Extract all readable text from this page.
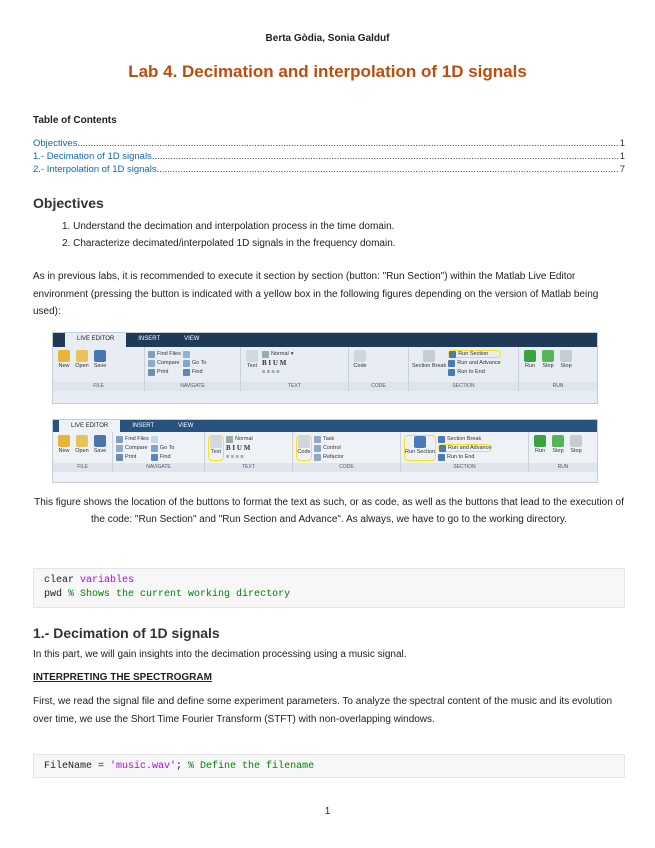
Berta Gòdia, Sonia Galduf
Lab 4. Decimation and interpolation of 1D signals
Table of Contents
Objectives .....	1
1.- Decimation of 1D signals .....	1
2.- Interpolation of 1D signals .....	7
Objectives
1. Understand the decimation and interpolation process in the time domain.
2. Characterize decimated/interpolated 1D signals in the frequency domain.
As in previous labs, it is recommended to execute it section by section (button: "Run Section") within the Matlab Live Editor environment (pressing the button is indicated with a yellow box in the following figures depending on the version of Matlab being used):
LIVE EDITOR	INSERT	VIEW
New Open Save
FILE
Find Files
Compare
Print
Go To
Find
NAVIGATE
Text
Normal ▾
B I U M
≡ ≡ ≡ ≡
TEXT
Code
CODE
Section Break
Run Section
Run and Advance
Run to End
SECTION
Run Step Stop
RUN
LIVE EDITOR	INSERT	VIEW
New Open Save
FILE
Find Files
Compare
Print
Go To
Find
NAVIGATE
Text
Normal
B I U M
≡ ≡ ≡ ≡
TEXT
Code
Task
Control
Refactor
CODE
Run Section
Section Break
Run and Advance
Run to End
SECTION
Run Step Stop
RUN
This figure shows the location of the buttons to format the text as such, or as code, as well as the buttons that lead to the execution of the code: "Run Section" and "Run Section and Advance". As always, we have to go to the working directory.
clear variables
pwd % Shows the current working directory
1.- Decimation of 1D signals
In this part, we will gain insights into the decimation processing using a music signal.
INTERPRETING THE SPECTROGRAM
First, we read the signal file and define some experiment parameters. To analyze the spectral content of the music and its evolution over time, we use the Short Time Fourier Transform (STFT) with non-overlapping windows.
FileName = 'music.wav'; % Define the filename
1
